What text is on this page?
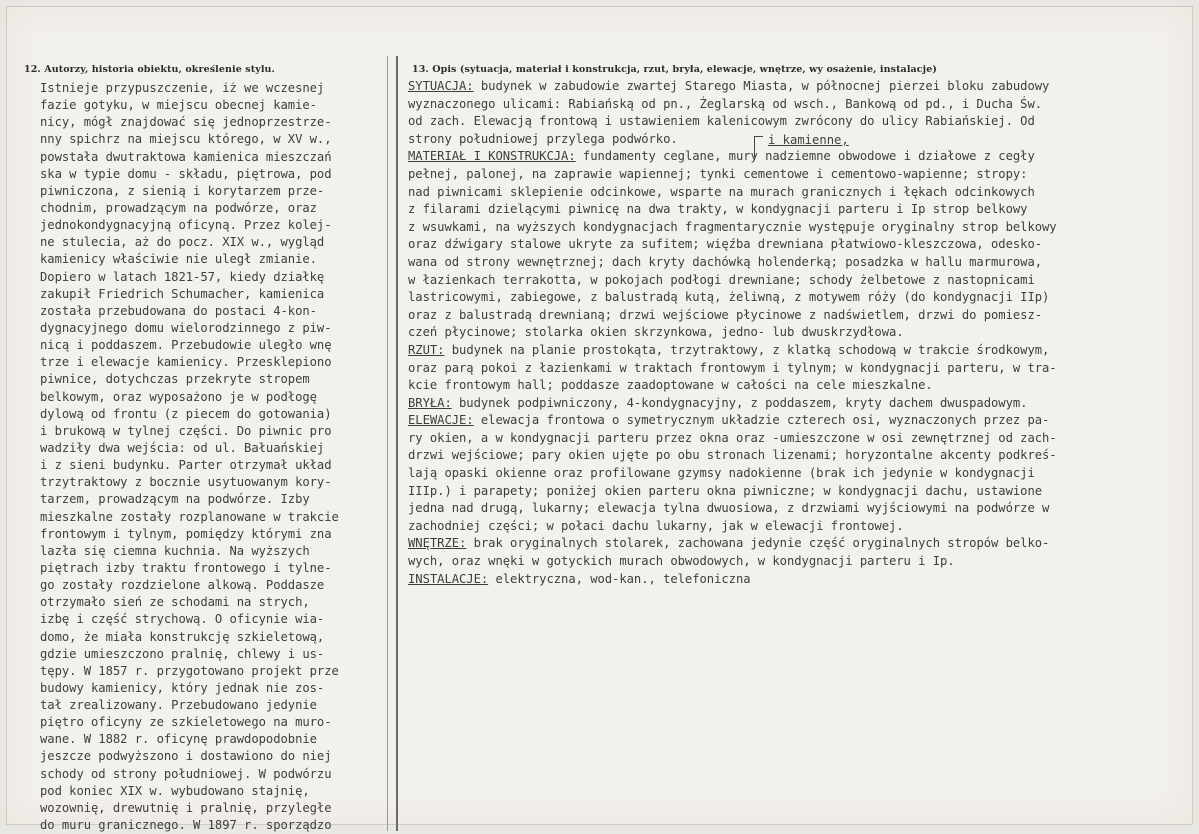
12. Autorzy, historia obiektu, określenie stylu.	13. Opis (sytuacja, materiał i konstrukcja, rzut, bryła, elewacje, wnętrze, wy osażenie, instalacje)
Istnieje przypuszczenie, iż we wczesnej
fazie gotyku, w miejscu obecnej kamie-
nicy, mógł znajdować się jednoprzestrze-
nny spichrz na miejscu którego, w XV w.,
powstała dwutraktowa kamienica mieszczań
ska w typie domu - składu, piętrowa, pod
piwniczona, z sienią i korytarzem prze-
chodnim, prowadzącym na podwórze, oraz
jednokondygnacyjną oficyną. Przez kolej-
ne stulecia, aż do pocz. XIX w., wygląd
kamienicy właściwie nie uległ zmianie.
Dopiero w latach 1821-57, kiedy działkę
zakupił Friedrich Schumacher, kamienica
została przebudowana do postaci 4-kon-
dygnacyjnego domu wielorodzinnego z piw-
nicą i poddaszem. Przebudowie uległo wnę
trze i elewacje kamienicy. Przesklepiono
piwnice, dotychczas przekryte stropem
belkowym, oraz wyposażono je w podłogę
dylową od frontu (z piecem do gotowania)
i brukową w tylnej części. Do piwnic pro
wadziły dwa wejścia: od ul. Bałuańskiej
i z sieni budynku. Parter otrzymał układ
trzytraktowy z bocznie usytuowanym kory-
tarzem, prowadzącym na podwórze. Izby
mieszkalne zostały rozplanowane w trakcie
frontowym i tylnym, pomiędzy którymi zna
lazła się ciemna kuchnia. Na wyższych
piętrach izby traktu frontowego i tylne-
go zostały rozdzielone alkową. Poddasze
otrzymało sień ze schodami na strych,
izbę i część strychową. O oficynie wia-
domo, że miała konstrukcję szkieletową,
gdzie umieszczono pralnię, chlewy i us-
tępy. W 1857 r. przygotowano projekt prze
budowy kamienicy, który jednak nie zos-
tał zrealizowany. Przebudowano jedynie
piętro oficyny ze szkieletowego na muro-
wane. W 1882 r. oficynę prawdopodobnie
jeszcze podwyższono i dostawiono do niej
schody od strony południowej. W podwórzu
pod koniec XIX w. wybudowano stajnię,
wozownię, drewutnię i pralnię, przyległe
do muru granicznego. W 1897 r. sporządzo
SYTUACJA: budynek w zabudowie zwartej Starego Miasta, w północnej pierzei bloku zabudowy
wyznaczonego ulicami: Rabiańską od pn., Żeglarską od wsch., Bankową od pd., i Ducha Św.
od zach. Elewacją frontową i ustawieniem kalenicowym zwrócony do ulicy Rabiańskiej. Od
strony południowej przylega podwórko.
MATERIAŁ I KONSTRUKCJA: fundamenty ceglane, mury nadziemne obwodowe i działowe z cegły
pełnej, palonej, na zaprawie wapiennej; tynki cementowe i cementowo-wapienne; stropy:
nad piwnicami sklepienie odcinkowe, wsparte na murach granicznych i łękach odcinkowych
z filarami dzielącymi piwnicę na dwa trakty, w kondygnacji parteru i Ip strop belkowy
z wsuwkami, na wyższych kondygnacjach fragmentarycznie występuje oryginalny strop belkowy
oraz dźwigary stalowe ukryte za sufitem; więźba drewniana płatwiowo-kleszczowa, odesko-
wana od strony wewnętrznej; dach kryty dachówką holenderką; posadzka w hallu marmurowa,
w łazienkach terrakotta, w pokojach podłogi drewniane; schody żelbetowe z nastopnicami
lastricowymi, zabiegowe, z balustradą kutą, żeliwną, z motywem róży (do kondygnacji IIp)
oraz z balustradą drewnianą; drzwi wejściowe płycinowe z nadświetlem, drzwi do pomiesz-
czeń płycinowe; stolarka okien skrzynkowa, jedno- lub dwuskrzydłowa.
RZUT: budynek na planie prostokąta, trzytraktowy, z klatką schodową w trakcie środkowym,
oraz parą pokoi z łazienkami w traktach frontowym i tylnym; w kondygnacji parteru, w tra-
kcie frontowym hall; poddasze zaadoptowane w całości na cele mieszkalne.
BRYŁA: budynek podpiwniczony, 4-kondygnacyjny, z poddaszem, kryty dachem dwuspadowym.
ELEWACJE: elewacja frontowa o symetrycznym układzie czterech osi, wyznaczonych przez pa-
ry okien, a w kondygnacji parteru przez okna oraz -umieszczone w osi zewnętrznej od zach-
drzwi wejściowe; pary okien ujęte po obu stronach lizenami; horyzontalne akcenty podkreś-
lają opaski okienne oraz profilowane gzymsy nadokienne (brak ich jedynie w kondygnacji
IIIp.) i parapety; poniżej okien parteru okna piwniczne; w kondygnacji dachu, ustawione
jedna nad drugą, lukarny; elewacja tylna dwuosiowa, z drzwiami wyjściowymi na podwórze w
zachodniej części; w połaci dachu lukarny, jak w elewacji frontowej.
WNĘTRZE: brak oryginalnych stolarek, zachowana jedynie część oryginalnych stropów belko-
wych, oraz wnęki w gotyckich murach obwodowych, w kondygnacji parteru i Ip.
INSTALACJE: elektryczna, wod-kan., telefoniczna
i kamienne,
